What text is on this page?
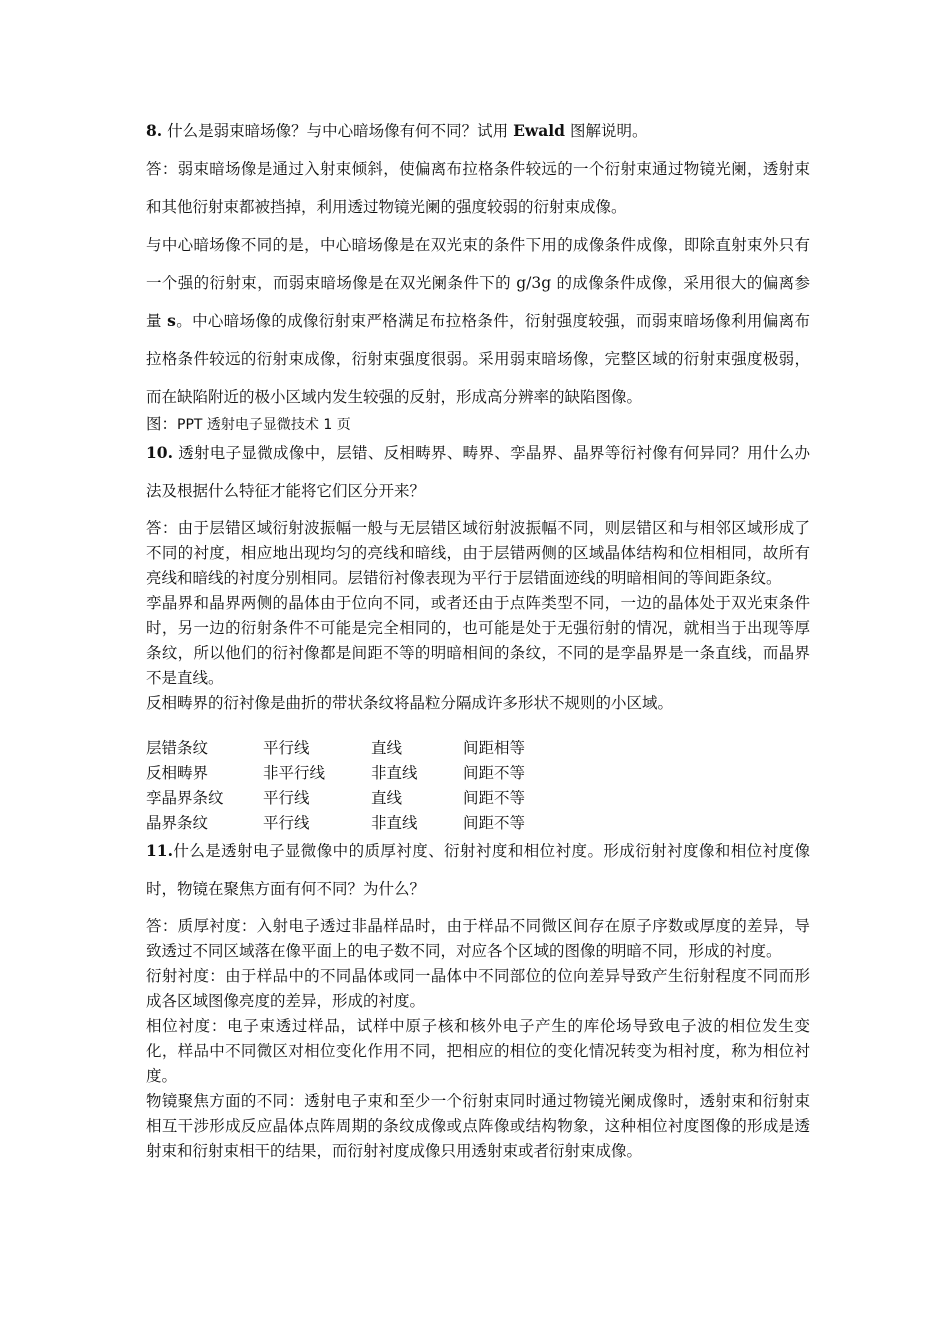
8. 什么是弱束暗场像？与中心暗场像有何不同？试用 Ewald 图解说明。

答：弱束暗场像是通过入射束倾斜，使偏离布拉格条件较远的一个衍射束通过物镜光阑，透射束和其他衍射束都被挡掉，利用透过物镜光阑的强度较弱的衍射束成像。

与中心暗场像不同的是，中心暗场像是在双光束的条件下用的成像条件成像，即除直射束外只有一个强的衍射束，而弱束暗场像是在双光阑条件下的 g/3g 的成像条件成像，采用很大的偏离参量 s。中心暗场像的成像衍射束严格满足布拉格条件，衍射强度较强，而弱束暗场像利用偏离布拉格条件较远的衍射束成像，衍射束强度很弱。采用弱束暗场像，完整区域的衍射束强度极弱，而在缺陷附近的极小区域内发生较强的反射，形成高分辨率的缺陷图像。

图：PPT 透射电子显微技术 1 页

10. 透射电子显微成像中，层错、反相畴界、畴界、孪晶界、晶界等衍衬像有何异同？用什么办法及根据什么特征才能将它们区分开来？

答：由于层错区域衍射波振幅一般与无层错区域衍射波振幅不同，则层错区和与相邻区域形成了不同的衬度，相应地出现均匀的亮线和暗线，由于层错两侧的区域晶体结构和位相相同，故所有亮线和暗线的衬度分别相同。层错衍衬像表现为平行于层错面迹线的明暗相间的等间距条纹。

孪晶界和晶界两侧的晶体由于位向不同，或者还由于点阵类型不同，一边的晶体处于双光束条件时，另一边的衍射条件不可能是完全相同的，也可能是处于无强衍射的情况，就相当于出现等厚条纹，所以他们的衍衬像都是间距不等的明暗相间的条纹，不同的是孪晶界是一条直线，而晶界不是直线。

反相畴界的衍衬像是曲折的带状条纹将晶粒分隔成许多形状不规则的小区域。

层错条纹	平行线	直线	间距相等
反相畴界	非平行线	非直线	间距不等
孪晶界条纹	平行线	直线	间距不等
晶界条纹	平行线	非直线	间距不等

11.什么是透射电子显微像中的质厚衬度、衍射衬度和相位衬度。形成衍射衬度像和相位衬度像时，物镜在聚焦方面有何不同？为什么？

答：质厚衬度：入射电子透过非晶样品时，由于样品不同微区间存在原子序数或厚度的差异，导致透过不同区域落在像平面上的电子数不同，对应各个区域的图像的明暗不同，形成的衬度。

衍射衬度：由于样品中的不同晶体或同一晶体中不同部位的位向差异导致产生衍射程度不同而形成各区域图像亮度的差异，形成的衬度。

相位衬度：电子束透过样品，试样中原子核和核外电子产生的库伦场导致电子波的相位发生变化，样品中不同微区对相位变化作用不同，把相应的相位的变化情况转变为相衬度，称为相位衬度。

物镜聚焦方面的不同：透射电子束和至少一个衍射束同时通过物镜光阑成像时，透射束和衍射束相互干涉形成反应晶体点阵周期的条纹成像或点阵像或结构物象，这种相位衬度图像的形成是透射束和衍射束相干的结果，而衍射衬度成像只用透射束或者衍射束成像。
